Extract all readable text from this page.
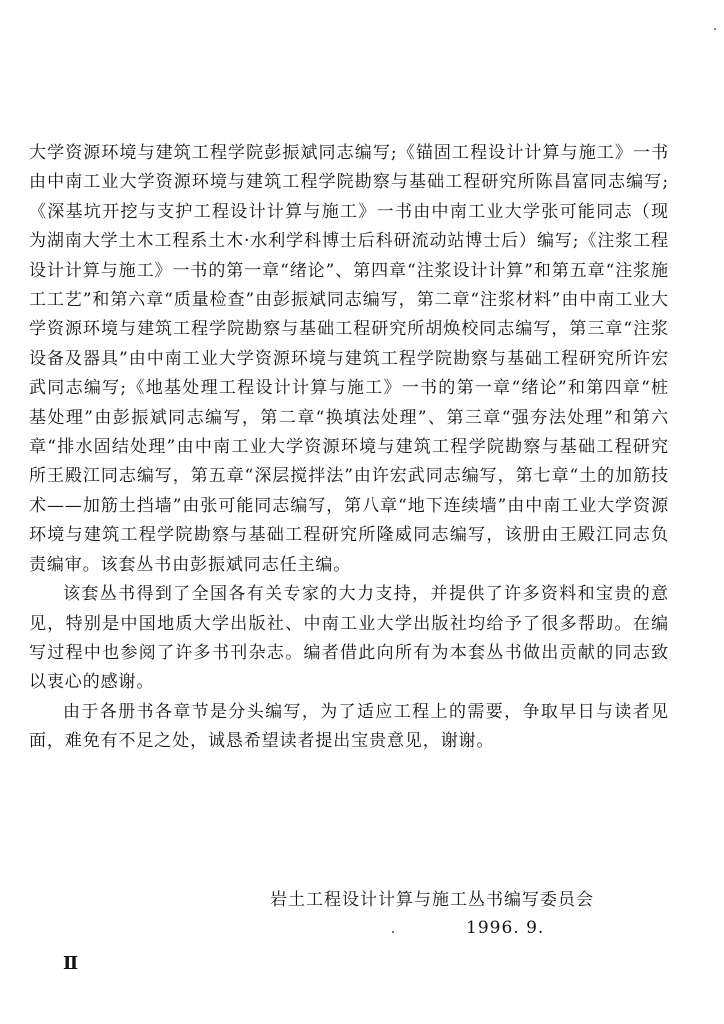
大学资源环境与建筑工程学院彭振斌同志编写;《锚固工程设计计算与施工》一书由中南工业大学资源环境与建筑工程学院勘察与基础工程研究所陈昌富同志编写;《深基坑开挖与支护工程设计计算与施工》一书由中南工业大学张可能同志（现为湖南大学土木工程系土木·水利学科博士后科研流动站博士后）编写;《注浆工程设计计算与施工》一书的第一章“绪论”、第四章“注浆设计计算”和第五章“注浆施工工艺”和第六章“质量检查”由彭振斌同志编写，第二章“注浆材料”由中南工业大学资源环境与建筑工程学院勘察与基础工程研究所胡焕校同志编写，第三章“注浆设备及器具”由中南工业大学资源环境与建筑工程学院勘察与基础工程研究所许宏武同志编写;《地基处理工程设计计算与施工》一书的第一章“绪论”和第四章“桩基处理”由彭振斌同志编写，第二章“换填法处理”、第三章“强夯法处理”和第六章“排水固结处理”由中南工业大学资源环境与建筑工程学院勘察与基础工程研究所王殿江同志编写，第五章“深层搅拌法”由许宏武同志编写，第七章“土的加筋技术——加筋土挡墙”由张可能同志编写，第八章“地下连续墙”由中南工业大学资源环境与建筑工程学院勘察与基础工程研究所隆威同志编写，该册由王殿江同志负责编审。该套丛书由彭振斌同志任主编。

该套丛书得到了全国各有关专家的大力支持，并提供了许多资料和宝贵的意见，特别是中国地质大学出版社、中南工业大学出版社均给予了很多帮助。在编写过程中也参阅了许多书刊杂志。编者借此向所有为本套丛书做出贡献的同志致以衷心的感谢。

由于各册书各章节是分头编写，为了适应工程上的需要，争取早日与读者见面，难免有不足之处，诚恳希望读者提出宝贵意见，谢谢。

岩土工程设计计算与施工丛书编写委员会
1996. 9.
Ⅱ
